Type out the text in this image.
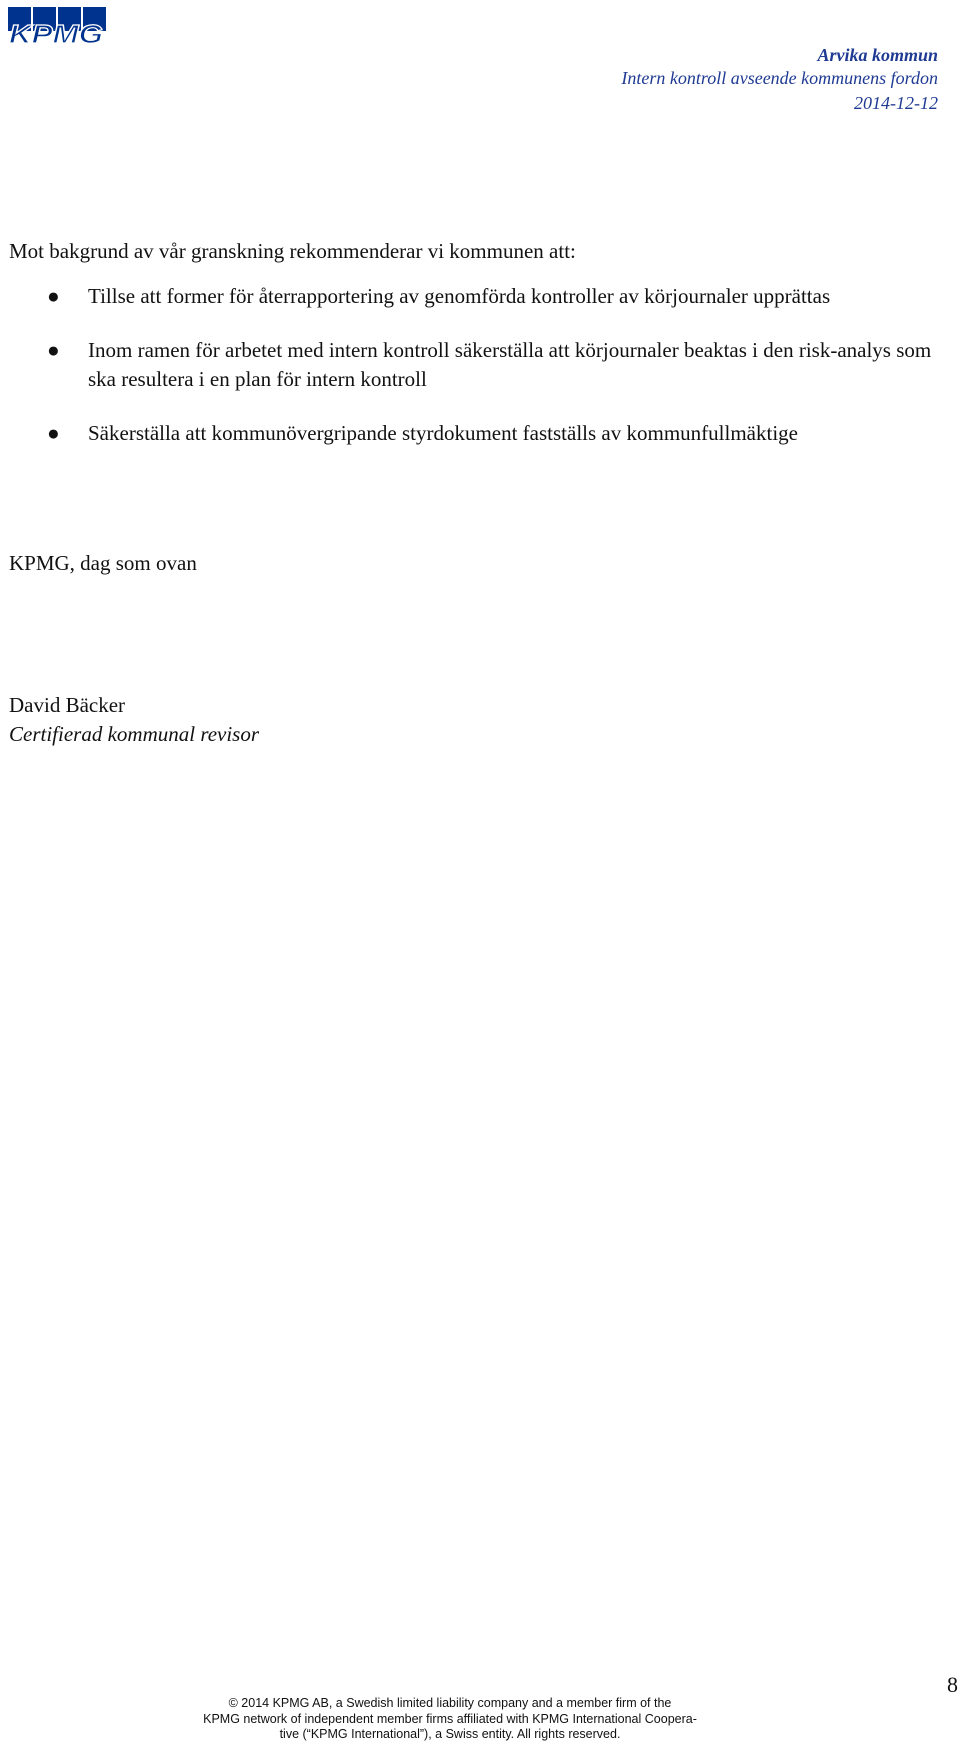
KPMG
Arvika kommun
Intern kontroll avseende kommunens fordon
2014-12-12

Mot bakgrund av vår granskning rekommenderar vi kommunen att:

● Tillse att former för återrapportering av genomförda kontroller av körjournaler upprättas
● Inom ramen för arbetet med intern kontroll säkerställa att körjournaler beaktas i den risk-analys som ska resultera i en plan för intern kontroll
● Säkerställa att kommunövergripande styrdokument fastställs av kommunfullmäktige
KPMG, dag som ovan
David Bäcker
Certifierad kommunal revisor
8
© 2014 KPMG AB, a Swedish limited liability company and a member firm of the
KPMG network of independent member firms affiliated with KPMG International Coopera-
tive (“KPMG International”), a Swiss entity. All rights reserved.
